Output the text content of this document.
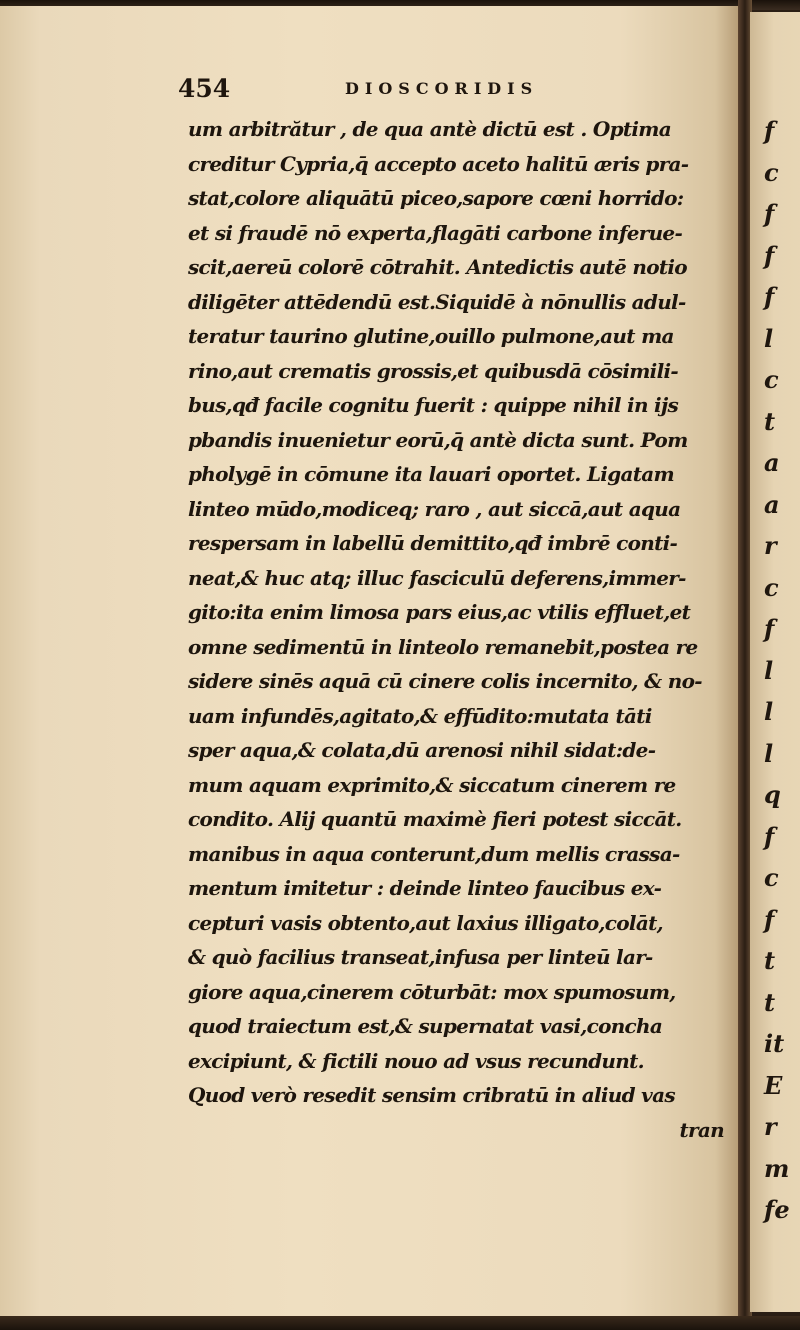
454	DIOSCORIDIS
um arbitrătur , de qua antè dictū est . Optima
creditur Cypria,q̄ accepto aceto halitū æris pra-
stat,colore aliquātū piceo,sapore cœni horrido:
et si fraudē nō experta,flagāti carbone inferue-
scit,aereū colorē cōtrahit. Antedictis autē notio
diligēter attēdendū est.Siquidē à nōnullis adul-
teratur taurino glutine,ouillo pulmone,aut ma
rino,aut crematis grossis,et quibusdā cōsimili-
bus,qđ facile cognitu fuerit : quippe nihil in ijs
pbandis inuenietur eorū,q̄ antè dicta sunt. Pom
pholygē in cōmune ita lauari oportet. Ligatam
linteo mūdo,modiceq; raro , aut siccā,aut aqua
respersam in labellū demittito,qđ imbrē conti-
neat,& huc atq; illuc fasciculū deferens,immer-
gito:ita enim limosa pars eius,ac vtilis effluet,et
omne sedimentū in linteolo remanebit,postea re
sidere sinēs aquā cū cinere colis incernito, & no-
uam infundēs,agitato,& effūdito:mutata tāti
sper aqua,& colata,dū arenosi nihil sidat:de-
mum aquam exprimito,& siccatum cinerem re
condito. Alij quantū maximè fieri potest siccāt.
manibus in aqua conterunt,dum mellis crassa-
mentum imitetur : deinde linteo faucibus ex-
cepturi vasis obtento,aut laxius illigato,colāt,
& quò facilius transeat,infusa per linteū lar-
giore aqua,cinerem cōturbāt: mox spumosum,
quod traiectum est,& supernatat vasi,concha
excipiunt, & fictili nouo ad vsus recundunt.
Quod verò resedit sensim cribratū in aliud vas
tran
f
c
f
f
f
l
c
t
a
a
r
c
f
l
l
l
q
f
c
f
t
t
it
E
r
m
fe
